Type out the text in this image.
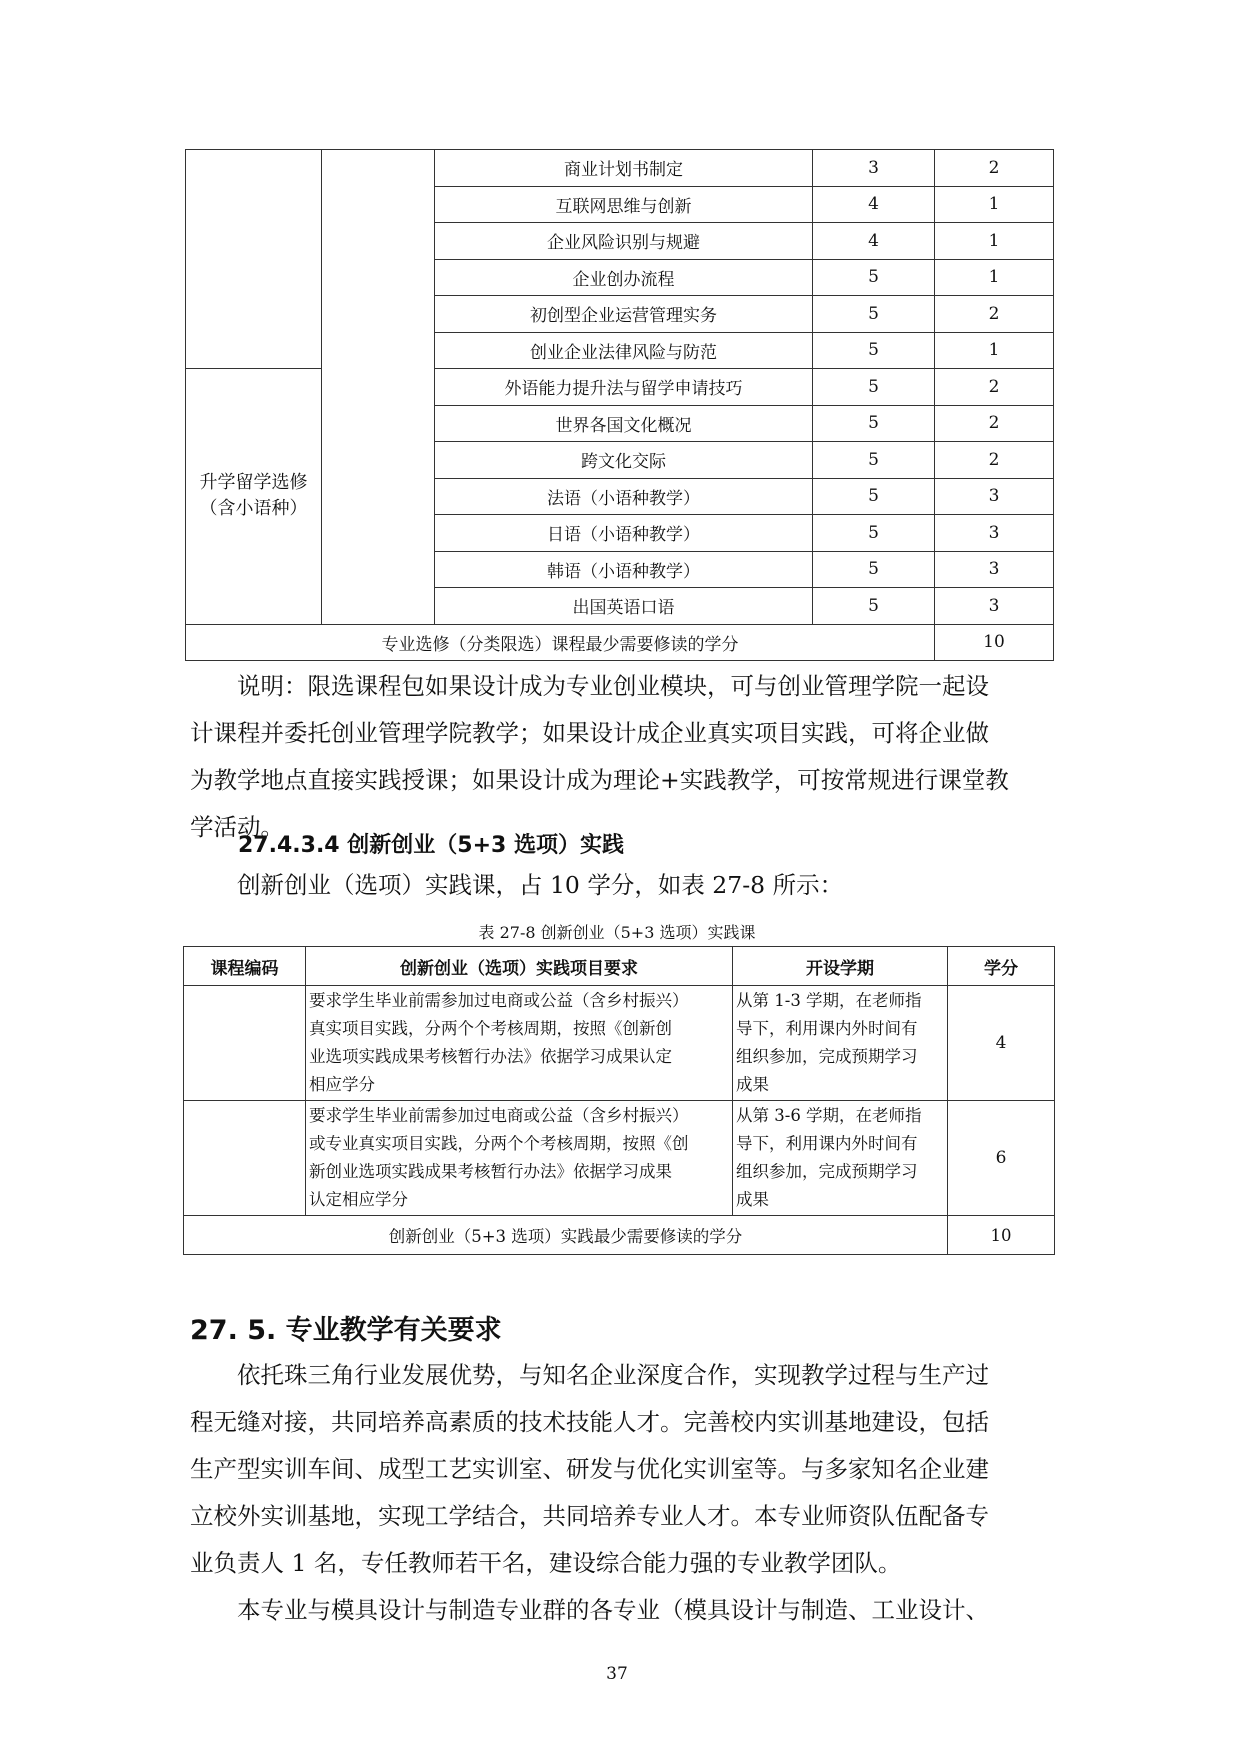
		商业计划书制定	3	2
		互联网思维与创新	4	1
		企业风险识别与规避	4	1
		企业创办流程	5	1
		初创型企业运营管理实务	5	2
		创业企业法律风险与防范	5	1
升学留学选修
（含小语种）		外语能力提升法与留学申请技巧	5	2
		世界各国文化概况	5	2
		跨文化交际	5	2
		法语（小语种教学）	5	3
		日语（小语种教学）	5	3
		韩语（小语种教学）	5	3
		出国英语口语	5	3
专业选修（分类限选）课程最少需要修读的学分				10

说明：限选课程包如果设计成为专业创业模块，可与创业管理学院一起设
计课程并委托创业管理学院教学；如果设计成企业真实项目实践，可将企业做
为教学地点直接实践授课；如果设计成为理论+实践教学，可按常规进行课堂教
学活动。

27.4.3.4 创新创业（5+3 选项）实践

创新创业（选项）实践课，占 10 学分，如表 27-8 所示：

表 27-8 创新创业（5+3 选项）实践课

课程编码	创新创业（选项）实践项目要求	开设学期	学分
	要求学生毕业前需参加过电商或公益（含乡村振兴）
真实项目实践，分两个个考核周期，按照《创新创
业选项实践成果考核暂行办法》依据学习成果认定
相应学分	从第 1-3 学期，在老师指
导下，利用课内外时间有
组织参加，完成预期学习
成果	4
	要求学生毕业前需参加过电商或公益（含乡村振兴）
或专业真实项目实践，分两个个考核周期，按照《创
新创业选项实践成果考核暂行办法》依据学习成果
认定相应学分	从第 3-6 学期，在老师指
导下，利用课内外时间有
组织参加，完成预期学习
成果	6
创新创业（5+3 选项）实践最少需要修读的学分			10
27. 5. 专业教学有关要求

依托珠三角行业发展优势，与知名企业深度合作，实现教学过程与生产过
程无缝对接，共同培养高素质的技术技能人才。完善校内实训基地建设，包括
生产型实训车间、成型工艺实训室、研发与优化实训室等。与多家知名企业建
立校外实训基地，实现工学结合，共同培养专业人才。本专业师资队伍配备专
业负责人 1 名，专任教师若干名，建设综合能力强的专业教学团队。
本专业与模具设计与制造专业群的各专业（模具设计与制造、工业设计、

37
